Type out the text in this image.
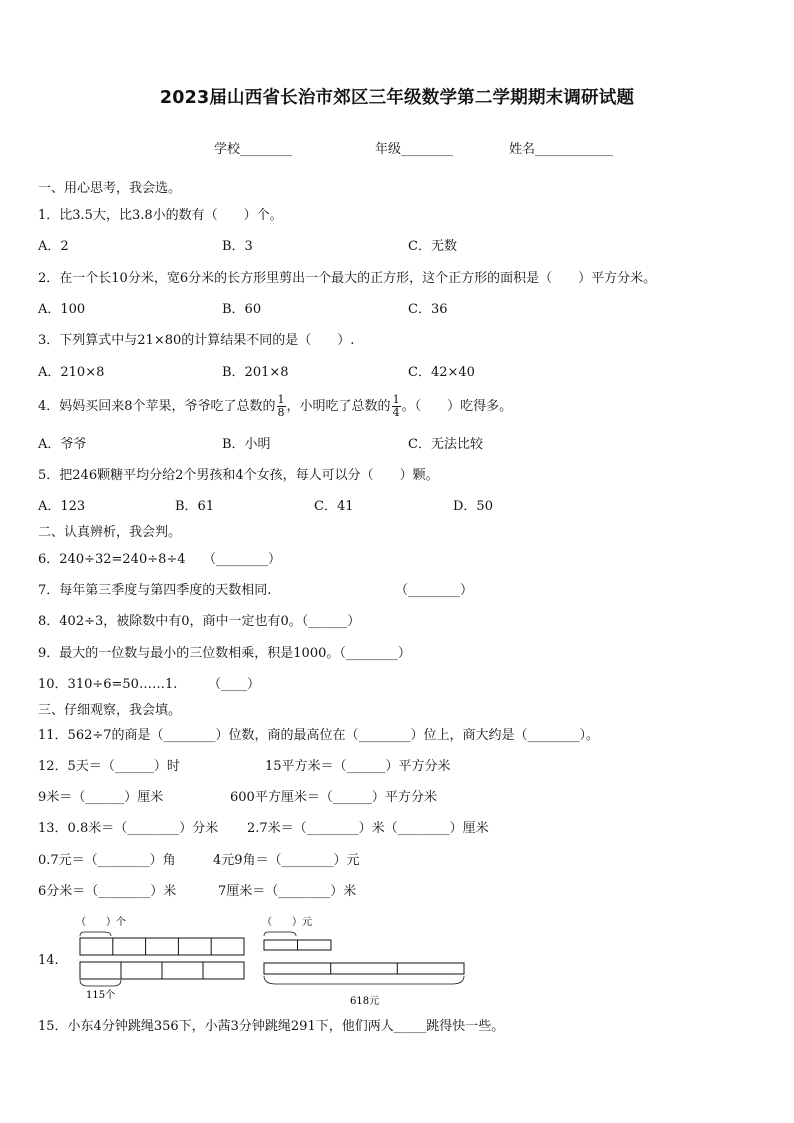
2023届山西省长治市郊区三年级数学第二学期期末调研试题
学校________	年级________	姓名____________
一、用心思考，我会选。
1．比3.5大，比3.8小的数有（　　）个。
A．2	B．3	C．无数
2．在一个长10分米，宽6分米的长方形里剪出一个最大的正方形，这个正方形的面积是（　　）平方分米。
A．100	B．60	C．36
3．下列算式中与21×80的计算结果不同的是（　　）.
A．210×8	B．201×8	C．42×40
4．妈妈买回来8个苹果，爷爷吃了总数的 $\frac{1}{8}$ ，小明吃了总数的 $\frac{1}{4}$ 。（　　）吃得多。
A．爷爷	B．小明	C．无法比较
5．把246颗糖平均分给2个男孩和4个女孩，每人可以分（　　）颗。
A．123	B．61	C．41	D．50
二、认真辨析，我会判。
6．240÷32=240÷8÷4 （________）
7．每年第三季度与第四季度的天数相同.	（________）
8．402÷3，被除数中有0，商中一定也有0。（______）
9．最大的一位数与最小的三位数相乘，积是1000。（________）
10．310÷6=50……1. （____）
三、仔细观察，我会填。
11．562÷7的商是（________）位数，商的最高位在（________）位上，商大约是（________）。
12．5天＝（______）时	15平方米＝（______）平方分米
9米＝（______）厘米	600平方厘米＝（______）平方分米
13．0.8米＝（________）分米 2.7米＝（________）米（________）厘米
0.7元＝（________）角	4元9角＝（________）元
6分米＝（________）米	7厘米＝（________）米
14.
（　　）个
115个
（　　）元
618元
15．小东4分钟跳绳356下，小茜3分钟跳绳291下，他们两人_____跳得快一些。
